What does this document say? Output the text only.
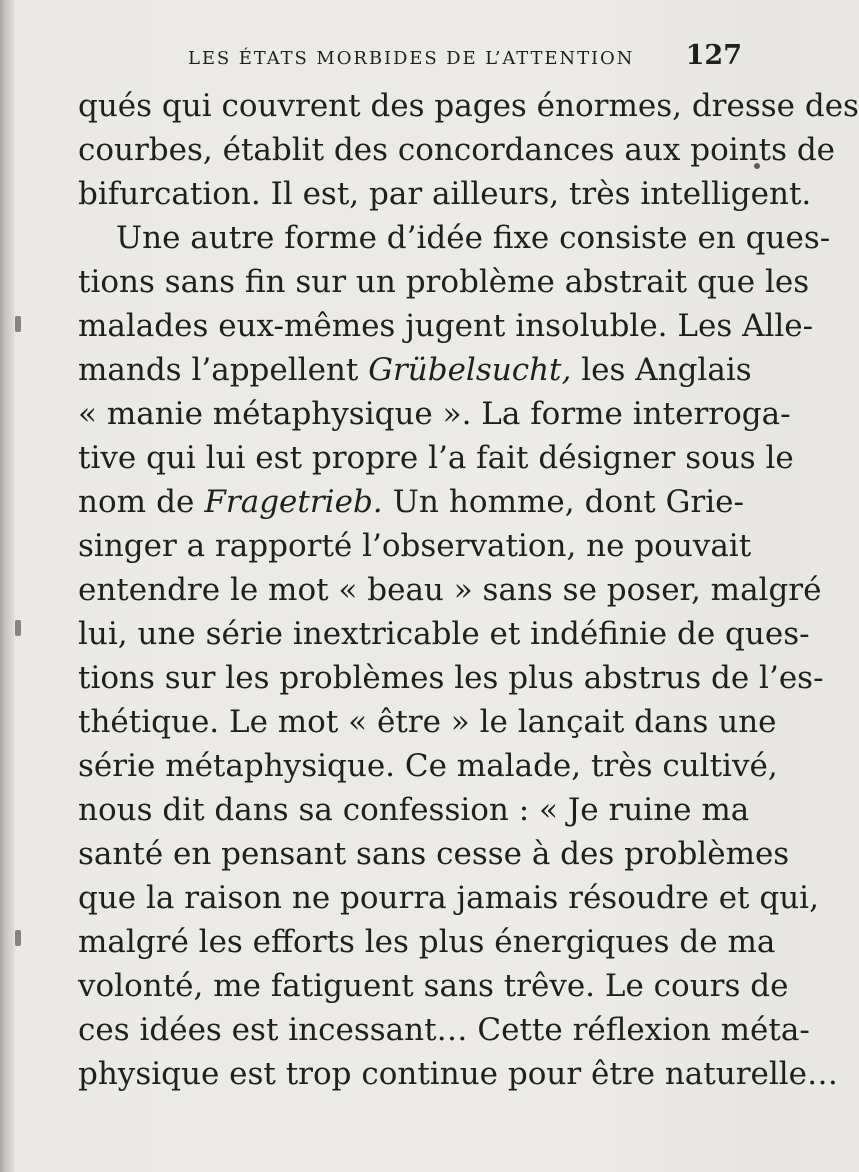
LES ÉTATS MORBIDES DE L’ATTENTION 127
qués qui couvrent des pages énormes, dresse des
courbes, établit des concordances aux points de
bifurcation. Il est, par ailleurs, très intelligent.
Une autre forme d’idée fixe consiste en ques-
tions sans fin sur un problème abstrait que les
malades eux-mêmes jugent insoluble. Les Alle-
mands l’appellent Grübelsucht, les Anglais
« manie métaphysique ». La forme interroga-
tive qui lui est propre l’a fait désigner sous le
nom de Fragetrieb. Un homme, dont Grie-
singer a rapporté l’observation, ne pouvait
entendre le mot « beau » sans se poser, malgré
lui, une série inextricable et indéfinie de ques-
tions sur les problèmes les plus abstrus de l’es-
thétique. Le mot « être » le lançait dans une
série métaphysique. Ce malade, très cultivé,
nous dit dans sa confession : « Je ruine ma
santé en pensant sans cesse à des problèmes
que la raison ne pourra jamais résoudre et qui,
malgré les efforts les plus énergiques de ma
volonté, me fatiguent sans trêve. Le cours de
ces idées est incessant… Cette réflexion méta-
physique est trop continue pour être naturelle…
